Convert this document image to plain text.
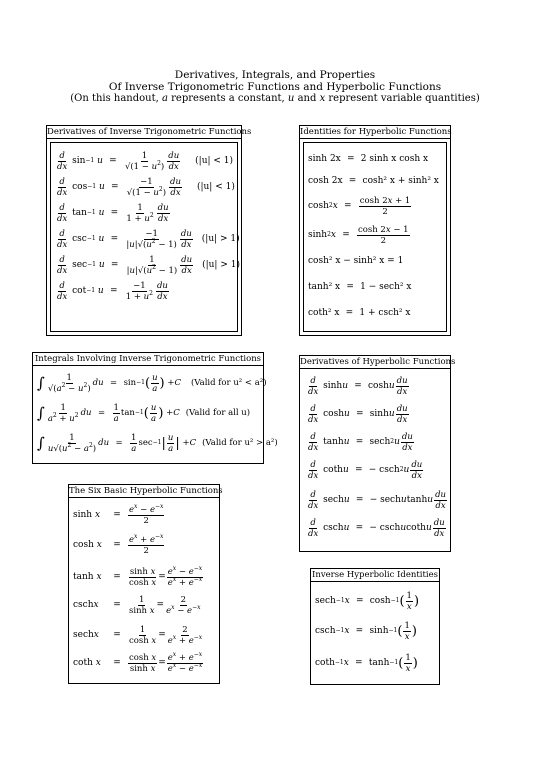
Derivatives, Integrals, and Properties
Of Inverse Trigonometric Functions and Hyperbolic Functions
(On this handout, a represents a constant, u and x represent variable quantities)
Derivatives of Inverse Trigonometric Functions
$\frac{d}{dx}$ sin −1
$u = \frac{1}{√(1 - u^2)} \frac{du}{dx} (|u| < 1)$
$\frac{d}{dx}$ cos −1
$u = \frac{-1}{√(1 - u^2)} \frac{du}{dx} (|u| < 1)$
$\frac{d}{dx}$ tan −1
$u = \frac{1}{1 + u^2} \frac{du}{dx}$
$\frac{d}{dx}$ csc −1
$u = \frac{-1}{|u|√(u^2 - 1)} \frac{du}{dx} (|u| > 1)$
$\frac{d}{dx}$ sec −1
$u = \frac{1}{|u|√(u^2 - 1)} \frac{du}{dx} (|u| > 1)$
$\frac{d}{dx}$ cot −1
$u = \frac{-1}{1 + u^2} \frac{du}{dx}$
Identities for Hyperbolic Functions
sinh 2x = 2 sinh x cosh x
cosh 2x = cosh² x + sinh² x
cosh 2 $x = \frac{\cosh 2x + 1}{2}$
sinh 2 $x = \frac{\cosh 2x - 1}{2}$
cosh² x − sinh² x = 1
tanh² x = 1 − sech² x
coth² x = 1 + csch² x
Integrals Involving Inverse Trigonometric Functions
∫ $\frac{1}{√(a^2 - u^2)}$ du = sin −1 ( $\frac{u}{a}$ ) + C (Valid for u² < a²)
∫ $\frac{1}{a^2 + u^2}$ du = $\frac{1}{a}$ tan −1 ( $\frac{u}{a}$ ) + C (Valid for all u)
∫ $\frac{1}{u√(u^2 - a^2)}$ du = $\frac{1}{a}$ sec −1 | $\frac{u}{a}$ | + C (Valid for u² > a²)
Derivatives of Hyperbolic Functions
$\frac{d}{dx}$ sinh u = cosh u $\frac{du}{dx}$
$\frac{d}{dx}$ cosh u = sinh u $\frac{du}{dx}$
$\frac{d}{dx}$ tanh u = sech 2 u $\frac{du}{dx}$
$\frac{d}{dx}$ coth u = − csch 2 u $\frac{du}{dx}$
$\frac{d}{dx}$ sech u = − sech u tanh u $\frac{du}{dx}$
$\frac{d}{dx}$ csch u = − csch u coth u $\frac{du}{dx}$
The Six Basic Hyperbolic Functions
sinh x	= $\frac{e^x - e^{-x}}{2}$
cosh x	= $\frac{e^x + e^{-x}}{2}$
tanh x	= $\frac{\text{sinh x}}{\text{cosh x}} = \frac{e^x - e^{-x}}{e^x + e^{-x}}$
cschx	= $\frac{1}{\text{sinh x}} = \frac{2}{e^x - e^{-x}}$
sechx	= $\frac{1}{\text{cosh x}} = \frac{2}{e^x + e^{-x}}$
coth x	= $\frac{\text{cosh x}}{\text{sinh x}} = \frac{e^x + e^{-x}}{e^x - e^{-x}}$
Inverse Hyperbolic Identities
sech −1 x = cosh −1 ( $\frac{1}{x}$ )
csch −1 x = sinh −1 ( $\frac{1}{x}$ )
coth −1 x = tanh −1 ( $\frac{1}{x}$ )
